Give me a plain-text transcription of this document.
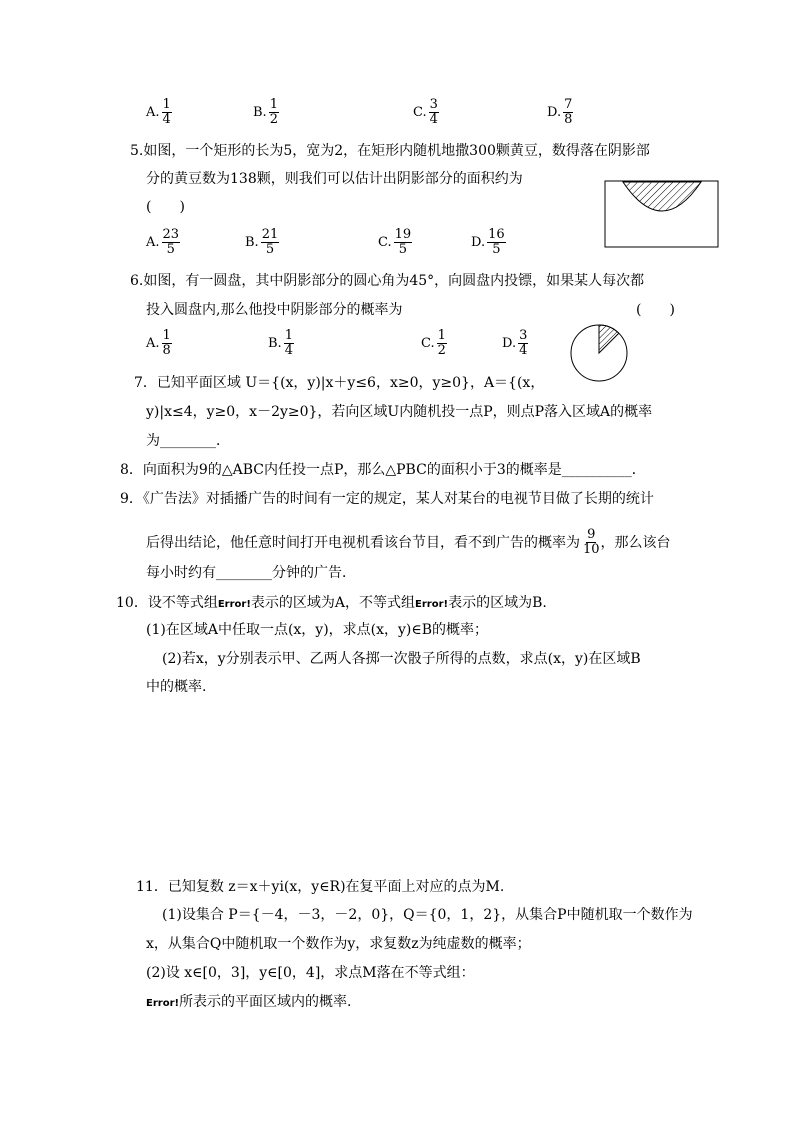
A. $\frac{1}{4}$	B. $\frac{1}{2}$	C. $\frac{3}{4}$	D. $\frac{7}{8}$
5.如图，一个矩形的长为5，宽为2，在矩形内随机地撒300颗黄豆，数得落在阴影部
分的黄豆数为138颗，则我们可以估计出阴影部分的面积约为
(　　)
A. $\frac{23}{5}$	B. $\frac{21}{5}$	C. $\frac{19}{5}$	D. $\frac{16}{5}$
6.如图，有一圆盘，其中阴影部分的圆心角为45°，向圆盘内投镖，如果某人每次都
投入圆盘内,那么他投中阴影部分的概率为	(　　)
A. $\frac{1}{8}$	B. $\frac{1}{4}$	C. $\frac{1}{2}$	D. $\frac{3}{4}$
7．已知平面区域 U＝{(x，y)|x＋y≤6，x≥0，y≥0}，A＝{(x，
y)|x≤4，y≥0，x－2y≥0}，若向区域U内随机投一点P，则点P落入区域A的概率
为________．
8．向面积为9的△ABC内任投一点P，那么△PBC的面积小于3的概率是__________．
9．《广告法》对插播广告的时间有一定的规定，某人对某台的电视节目做了长期的统计
后得出结论，他任意时间打开电视机看该台节目，看不到广告的概率为 $\frac{9}{10}$ ，那么该台
每小时约有________分钟的广告．
10．设不等式组Error!表示的区域为A，不等式组Error!表示的区域为B.
(1)在区域A中任取一点(x，y)，求点(x，y)∈B的概率；
(2)若x，y分别表示甲、乙两人各掷一次骰子所得的点数，求点(x，y)在区域B
中的概率.
11．已知复数 z＝x＋yi(x，y∈R)在复平面上对应的点为M.
(1)设集合 P＝{－4，－3，－2，0}，Q＝{0，1，2}，从集合P中随机取一个数作为
x，从集合Q中随机取一个数作为y，求复数z为纯虚数的概率；
(2)设 x∈[0，3]，y∈[0，4]，求点M落在不等式组：
Error!所表示的平面区域内的概率.
